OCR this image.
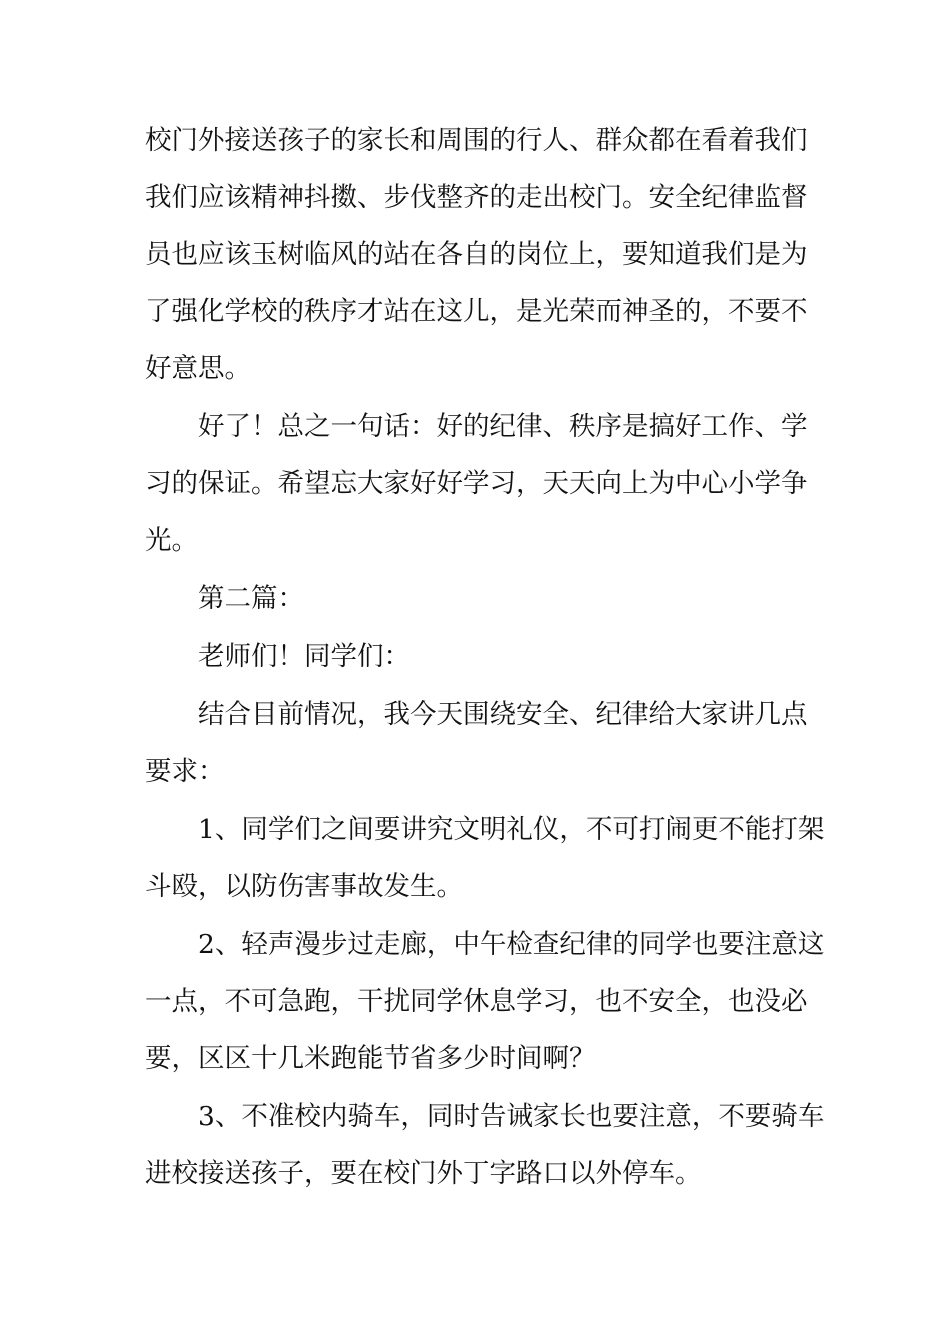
校门外接送孩子的家长和周围的行人、群众都在看着我们
我们应该精神抖擞、步伐整齐的走出校门。安全纪律监督
员也应该玉树临风的站在各自的岗位上，要知道我们是为
了强化学校的秩序才站在这儿，是光荣而神圣的，不要不
好意思。
好了！总之一句话：好的纪律、秩序是搞好工作、学
习的保证。希望忘大家好好学习，天天向上为中心小学争
光。
第二篇：
老师们！同学们：
结合目前情况，我今天围绕安全、纪律给大家讲几点
要求：
1、同学们之间要讲究文明礼仪，不可打闹更不能打架
斗殴，以防伤害事故发生。
2、轻声漫步过走廊，中午检查纪律的同学也要注意这
一点，不可急跑，干扰同学休息学习，也不安全，也没必
要，区区十几米跑能节省多少时间啊？
3、不准校内骑车，同时告诫家长也要注意，不要骑车
进校接送孩子，要在校门外丁字路口以外停车。
